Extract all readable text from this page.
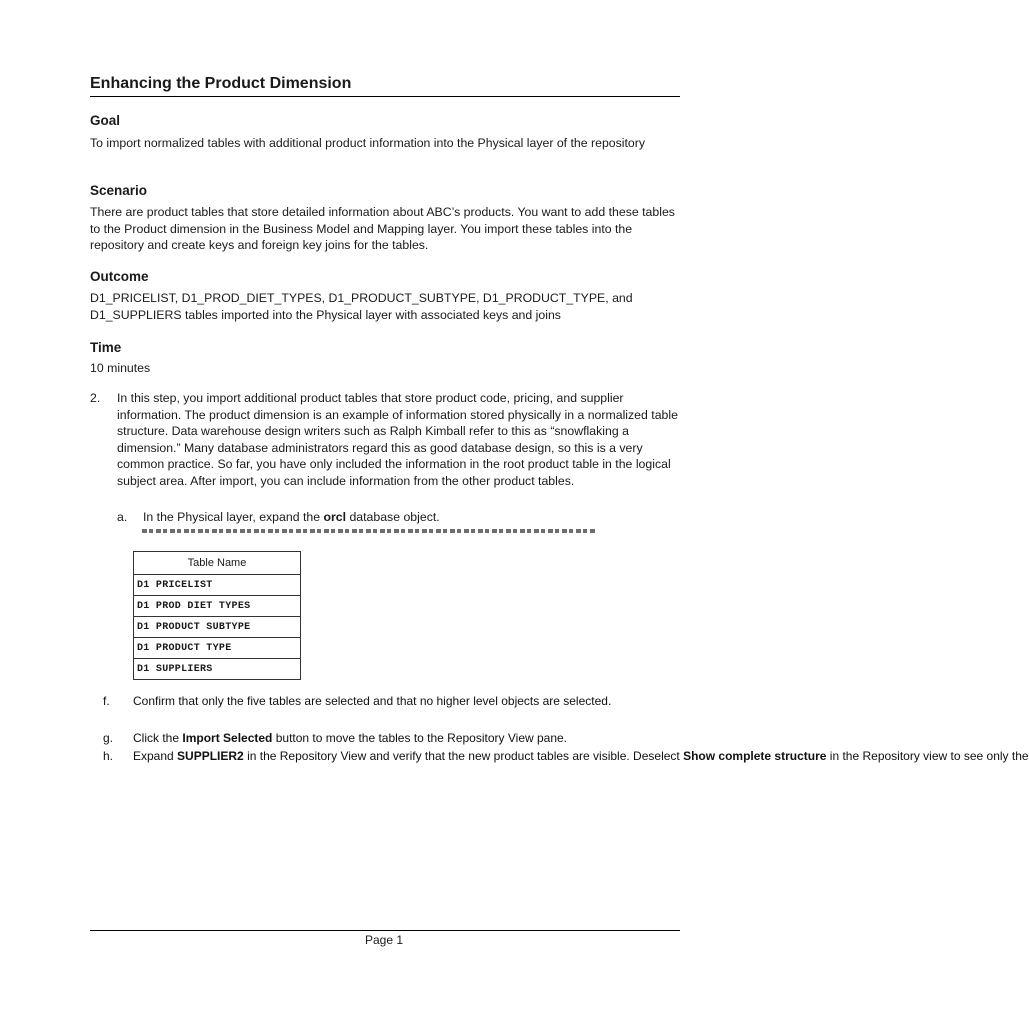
Enhancing the Product Dimension
Goal
To import normalized tables with additional product information into the Physical layer of the repository
Scenario
There are product tables that store detailed information about ABC’s products. You want to add these tables to the Product dimension in the Business Model and Mapping layer. You import these tables into the repository and create keys and foreign key joins for the tables.
Outcome
D1_PRICELIST, D1_PROD_DIET_TYPES, D1_PRODUCT_SUBTYPE, D1_PRODUCT_TYPE, and D1_SUPPLIERS tables imported into the Physical layer with associated keys and joins
Time
10 minutes
2. In this step, you import additional product tables that store product code, pricing, and supplier information. The product dimension is an example of information stored physically in a normalized table structure. Data warehouse design writers such as Ralph Kimball refer to this as “snowflaking a dimension.” Many database administrators regard this as good database design, so this is a very common practice. So far, you have only included the information in the root product table in the logical subject area. After import, you can include information from the other product tables.
a. In the Physical layer, expand the orcl database object.
Table Name
D1 PRICELIST
D1 PROD DIET TYPES
D1 PRODUCT SUBTYPE
D1 PRODUCT TYPE
D1 SUPPLIERS
f. Confirm that only the five tables are selected and that no higher level objects are selected.
g. Click the Import Selected button to move the tables to the Repository View pane.
h. Expand SUPPLIER2 in the Repository View and verify that the new product tables are visible. Deselect Show complete structure in the Repository view to see only the
Page 1
